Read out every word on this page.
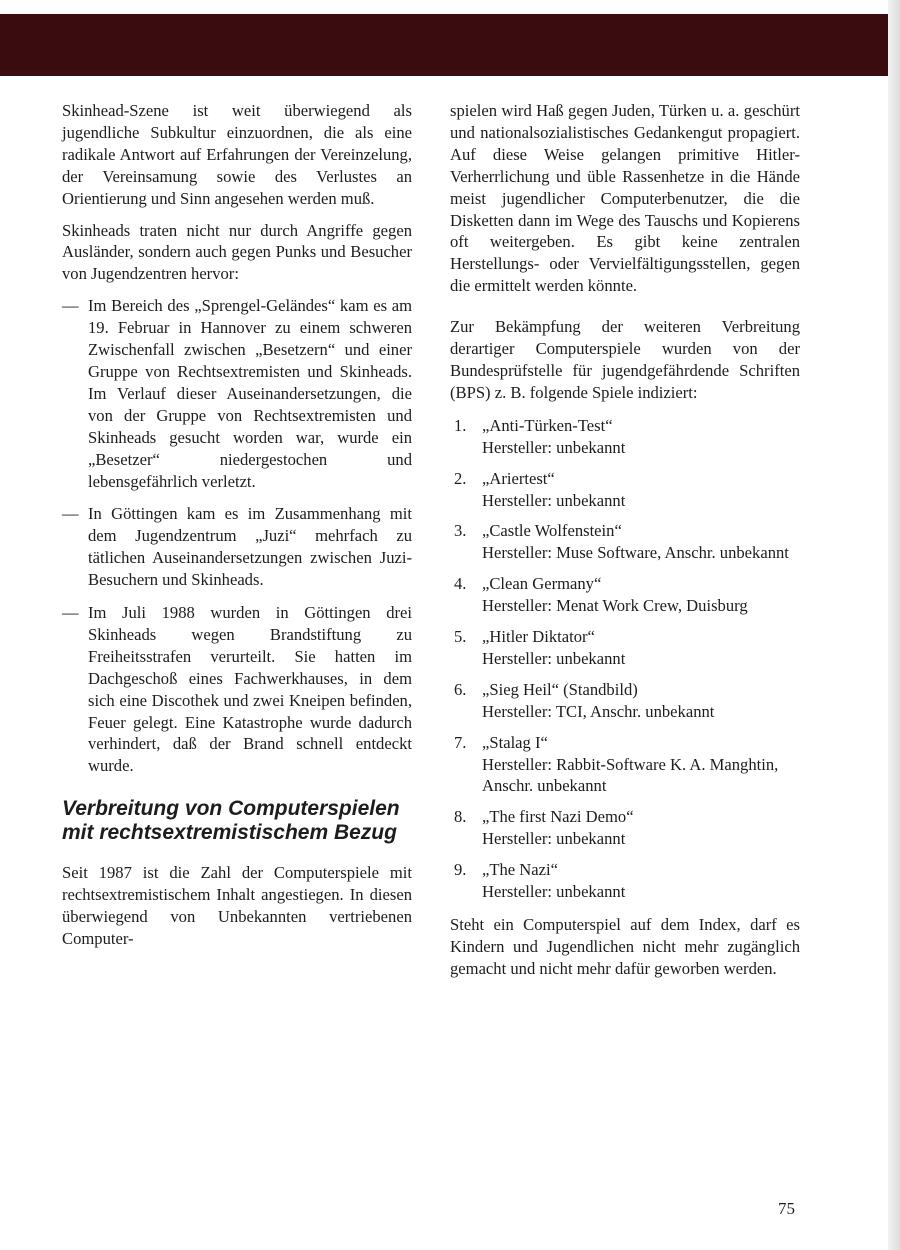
Skinhead-Szene ist weit überwiegend als jugendliche Subkultur einzuordnen, die als eine radikale Antwort auf Erfahrungen der Vereinzelung, der Vereinsamung sowie des Verlustes an Orientierung und Sinn angesehen werden muß.

Skinheads traten nicht nur durch Angriffe gegen Ausländer, sondern auch gegen Punks und Besucher von Jugendzentren hervor:

— Im Bereich des „Sprengel-Geländes“ kam es am 19. Februar in Hannover zu einem schweren Zwischenfall zwischen „Besetzern“ und einer Gruppe von Rechtsextremisten und Skinheads. Im Verlauf dieser Auseinandersetzungen, die von der Gruppe von Rechtsextremisten und Skinheads gesucht worden war, wurde ein „Besetzer“ niedergestochen und lebensgefährlich verletzt.
— In Göttingen kam es im Zusammenhang mit dem Jugendzentrum „Juzi“ mehrfach zu tätlichen Auseinandersetzungen zwischen Juzi-Besuchern und Skinheads.
— Im Juli 1988 wurden in Göttingen drei Skinheads wegen Brandstiftung zu Freiheitsstrafen verurteilt. Sie hatten im Dachgeschoß eines Fachwerkhauses, in dem sich eine Discothek und zwei Kneipen befinden, Feuer gelegt. Eine Katastrophe wurde dadurch verhindert, daß der Brand schnell entdeckt wurde.
Verbreitung von Computerspielen mit rechtsextremistischem Bezug

Seit 1987 ist die Zahl der Computerspiele mit rechtsextremistischem Inhalt angestiegen. In diesen überwiegend von Unbekannten vertriebenen Computer-

spielen wird Haß gegen Juden, Türken u. a. geschürt und nationalsozialistisches Gedankengut propagiert. Auf diese Weise gelangen primitive Hitler-Verherrlichung und üble Rassenhetze in die Hände meist jugendlicher Computerbenutzer, die die Disketten dann im Wege des Tauschs und Kopierens oft weitergeben. Es gibt keine zentralen Herstellungs- oder Vervielfältigungsstellen, gegen die ermittelt werden könnte.

Zur Bekämpfung der weiteren Verbreitung derartiger Computerspiele wurden von der Bundesprüfstelle für jugendgefährdende Schriften (BPS) z. B. folgende Spiele indiziert:

1. „Anti-Türken-Test“
Hersteller: unbekannt
2. „Ariertest“
Hersteller: unbekannt
3. „Castle Wolfenstein“
Hersteller: Muse Software, Anschr. unbekannt
4. „Clean Germany“
Hersteller: Menat Work Crew, Duisburg
5. „Hitler Diktator“
Hersteller: unbekannt
6. „Sieg Heil“ (Standbild)
Hersteller: TCI, Anschr. unbekannt
7. „Stalag I“
Hersteller: Rabbit-Software K. A. Manghtin, Anschr. unbekannt
8. „The first Nazi Demo“
Hersteller: unbekannt
9. „The Nazi“
Hersteller: unbekannt

Steht ein Computerspiel auf dem Index, darf es Kindern und Jugendlichen nicht mehr zugänglich gemacht und nicht mehr dafür geworben werden.

75
